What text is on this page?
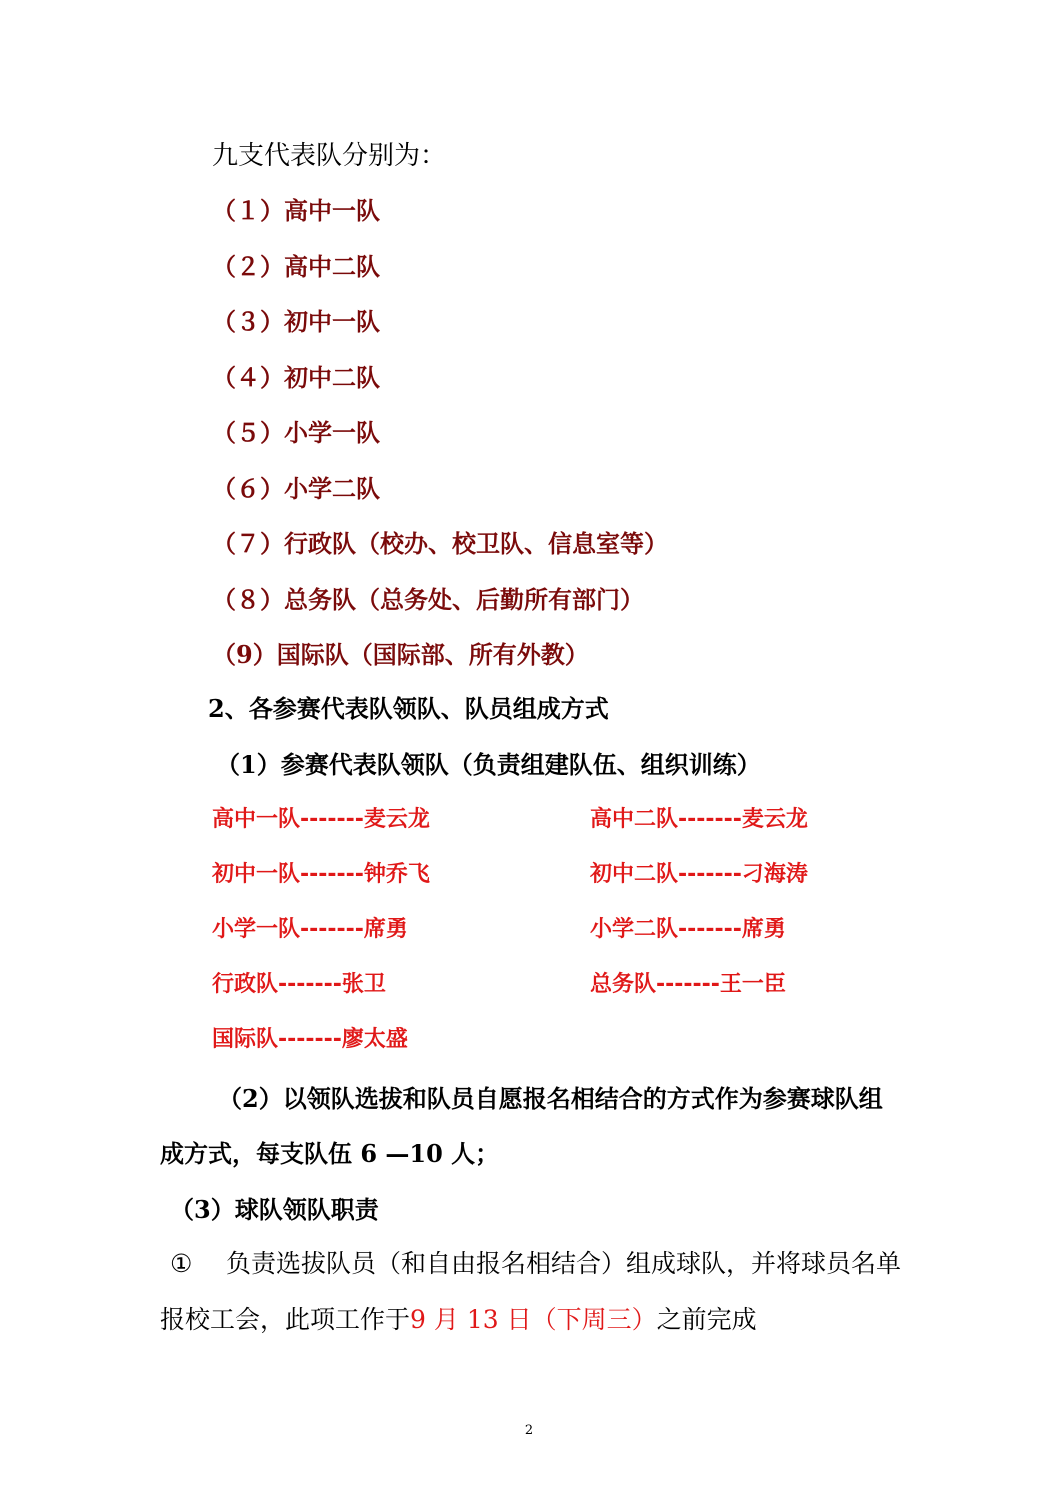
九支代表队分别为：
（１）高中一队
（２）高中二队
（３）初中一队
（４）初中二队
（５）小学一队
（６）小学二队
（７）行政队（校办、校卫队、信息室等）
（８）总务队（总务处、后勤所有部门）
（9）国际队（国际部、所有外教）
2、各参赛代表队领队、队员组成方式
（1）参赛代表队领队（负责组建队伍、组织训练）
高中一队-------麦云龙	高中二队-------麦云龙
初中一队-------钟乔飞	初中二队-------刁海涛
小学一队-------席勇	小学二队-------席勇
行政队-------张卫	总务队-------王一臣
国际队-------廖太盛
（2）以领队选拔和队员自愿报名相结合的方式作为参赛球队组
成方式，每支队伍 6 —10 人；
（3）球队领队职责
① 负责选拔队员（和自由报名相结合）组成球队，并将球员名单
报校工会，此项工作于9 月 13 日（下周三）之前完成
2
